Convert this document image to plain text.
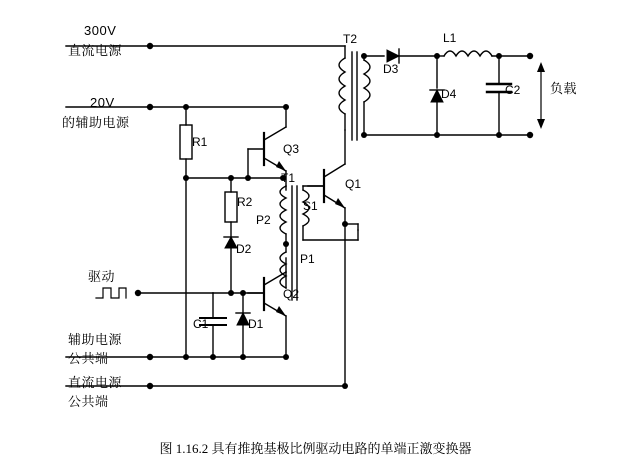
300V
直流电源
20V
的辅助电源
驱动
辅助电源
公共端
直流电源
公共端
负载
R1
R2
P2
P1
S1
T1
T2
D3
L1
D4	C2
C1	D1
D2
Q3
Q2
Q1
图 1.16.2 具有推挽基极比例驱动电路的单端正激变换器
